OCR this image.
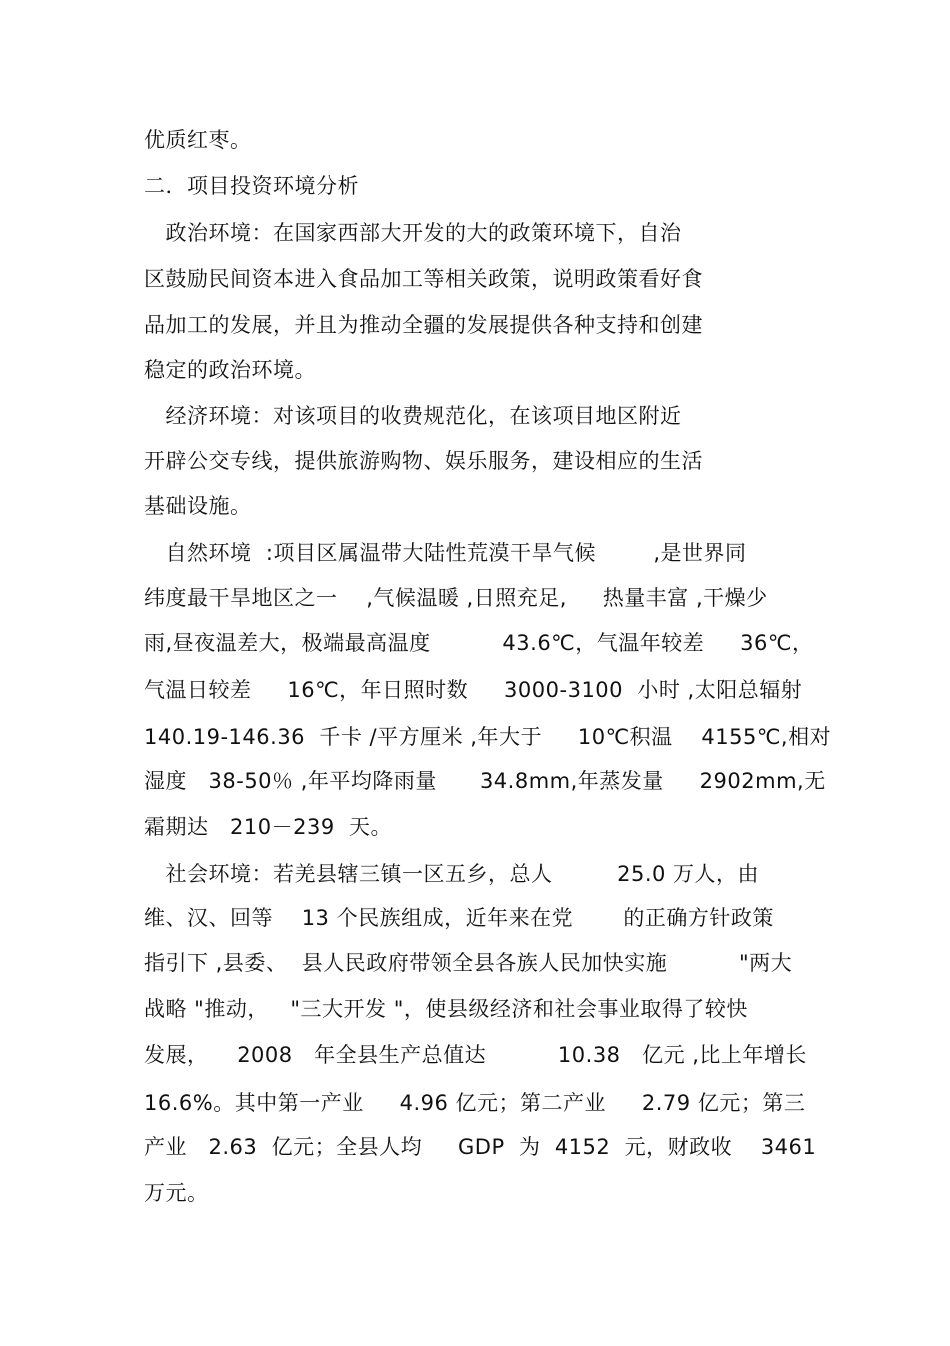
优质红枣。
二．项目投资环境分析
政治环境：在国家西部大开发的大的政策环境下，自治
区鼓励民间资本进入食品加工等相关政策，说明政策看好食
品加工的发展，并且为推动全疆的发展提供各种支持和创建
稳定的政治环境。
经济环境：对该项目的收费规范化，在该项目地区附近
开辟公交专线，提供旅游购物、娱乐服务，建设相应的生活
基础设施。
自然环境  :项目区属温带大陆性荒漠干旱气候        ,是世界同
纬度最干旱地区之一    ,气候温暖 ,日照充足,     热量丰富 ,干燥少
雨,昼夜温差大，极端最高温度          43.6℃，气温年较差     36℃，
气温日较差     16℃，年日照时数     3000-3100  小时 ,太阳总辐射
140.19-146.36  千卡 /平方厘米 ,年大于     10℃积温    4155℃,相对
湿度   38-50％ ,年平均降雨量      34.8mm,年蒸发量     2902mm,无
霜期达   210－239  天。
社会环境：若羌县辖三镇一区五乡，总人         25.0 万人，由
维、汉、回等    13 个民族组成，近年来在党       的正确方针政策
指引下 ,县委、  县人民政府带领全县各族人民加快实施          "两大
战略 "推动，   "三大开发 "，使县级经济和社会事业取得了较快
发展，    2008   年全县生产总值达          10.38   亿元 ,比上年增长
16.6%。其中第一产业     4.96 亿元；第二产业     2.79 亿元；第三
产业   2.63  亿元；全县人均     GDP  为  4152  元，财政收    3461
万元。
